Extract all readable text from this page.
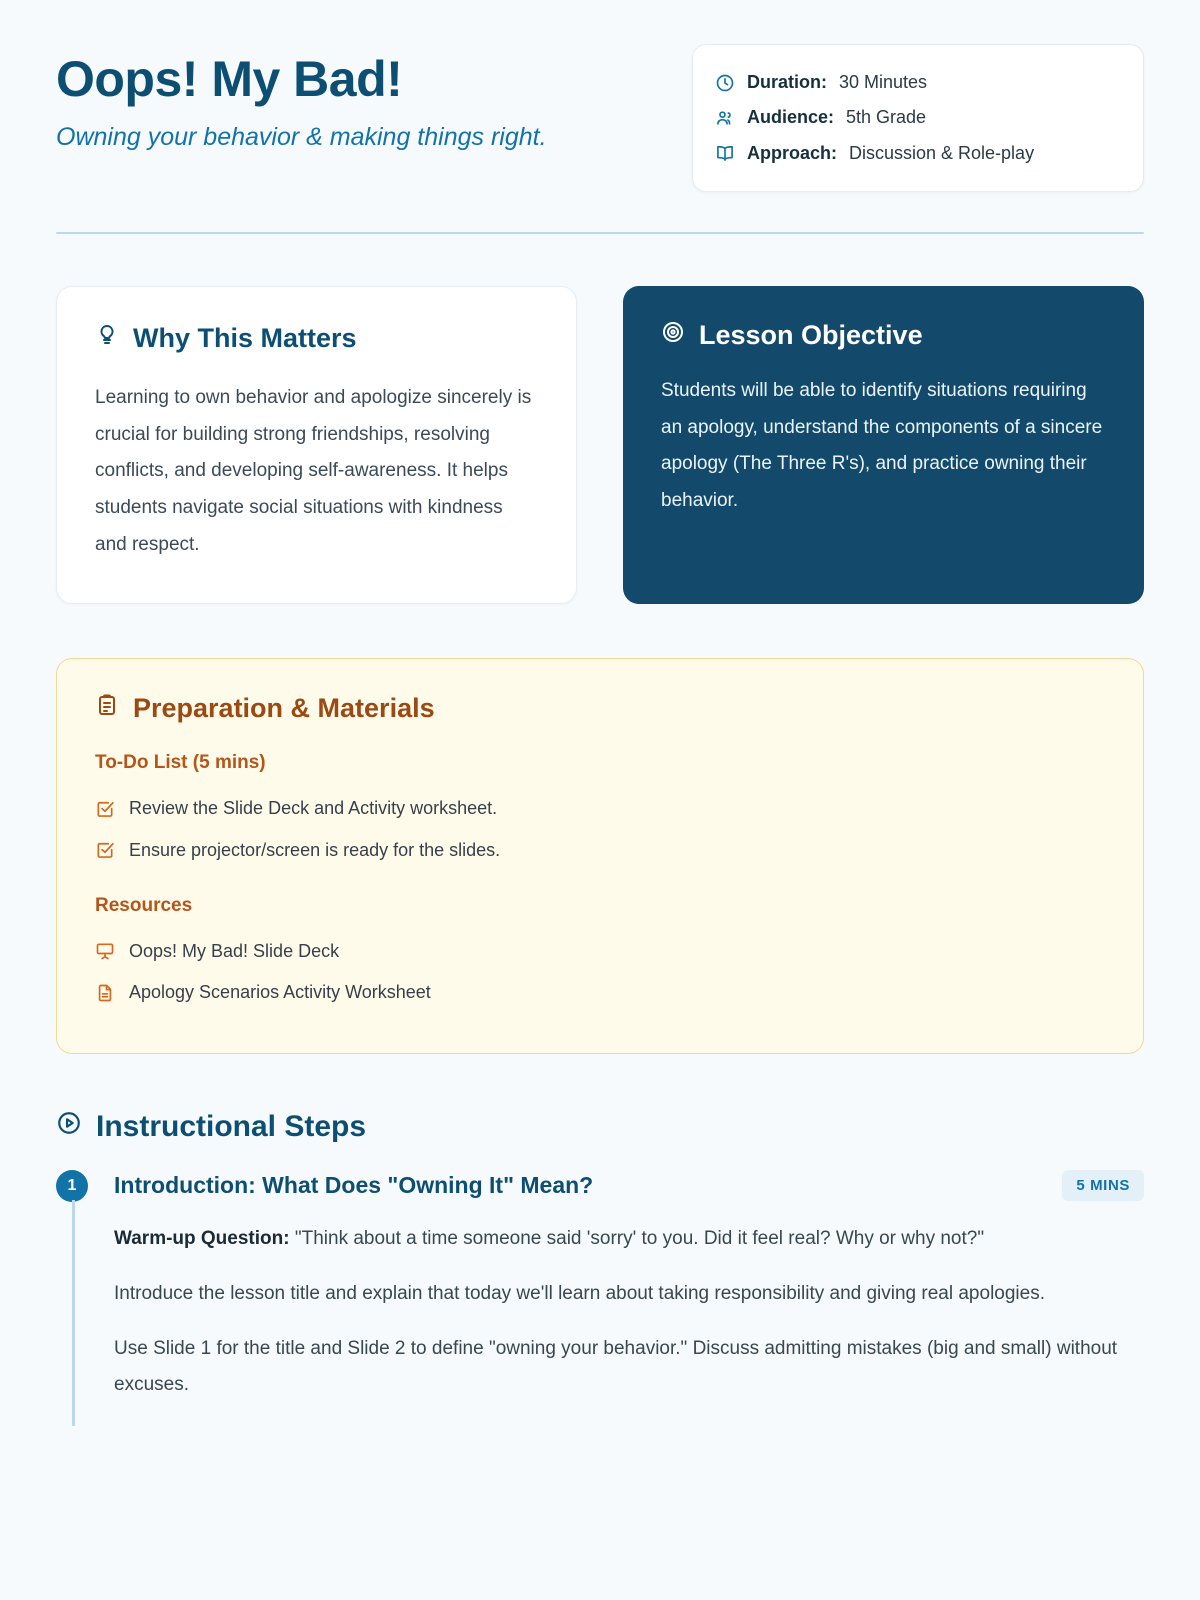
Oops! My Bad!
Owning your behavior & making things right.
Duration: 30 Minutes
Audience: 5th Grade
Approach: Discussion & Role-play
Why This Matters
Learning to own behavior and apologize sincerely is crucial for building strong friendships, resolving conflicts, and developing self-awareness. It helps students navigate social situations with kindness and respect.
Lesson Objective
Students will be able to identify situations requiring an apology, understand the components of a sincere apology (The Three R's), and practice owning their behavior.
Preparation & Materials
To-Do List (5 mins)
Review the Slide Deck and Activity worksheet.
Ensure projector/screen is ready for the slides.
Resources
Oops! My Bad! Slide Deck
Apology Scenarios Activity Worksheet
Instructional Steps
1	Introduction: What Does "Owning It" Mean?	5 MINS
Warm-up Question: "Think about a time someone said 'sorry' to you. Did it feel real? Why or why not?"
Introduce the lesson title and explain that today we'll learn about taking responsibility and giving real apologies.
Use Slide 1 for the title and Slide 2 to define "owning your behavior." Discuss admitting mistakes (big and small) without excuses.
